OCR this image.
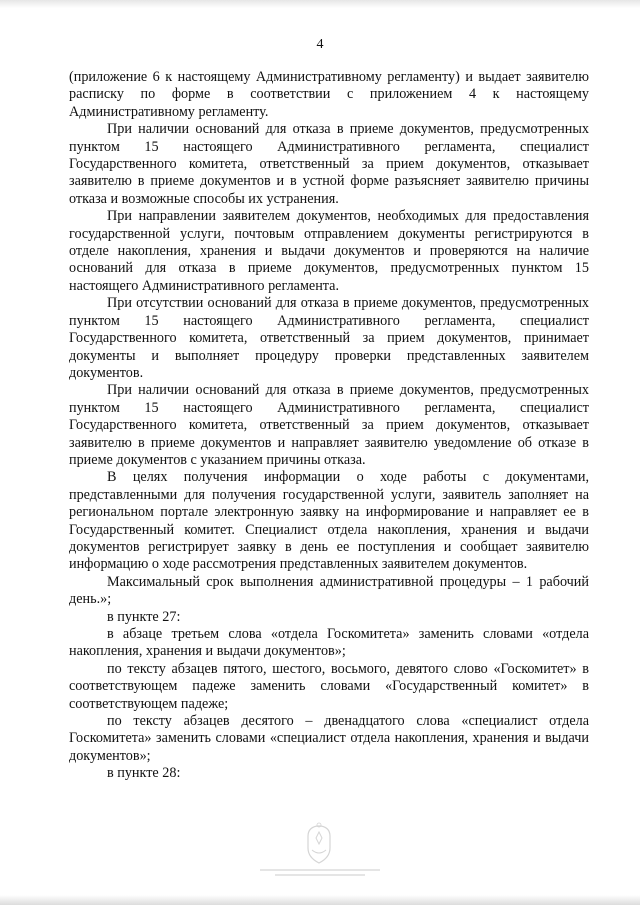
4

(приложение 6 к настоящему Административному регламенту) и выдает заявителю расписку по форме в соответствии с приложением 4 к настоящему Административному регламенту.

При наличии оснований для отказа в приеме документов, предусмотренных пунктом 15 настоящего Административного регламента, специалист Государственного комитета, ответственный за прием документов, отказывает заявителю в приеме документов и в устной форме разъясняет заявителю причины отказа и возможные способы их устранения.

При направлении заявителем документов, необходимых для предоставления государственной услуги, почтовым отправлением документы регистрируются в отделе накопления, хранения и выдачи документов и проверяются на наличие оснований для отказа в приеме документов, предусмотренных пунктом 15 настоящего Административного регламента.

При отсутствии оснований для отказа в приеме документов, предусмотренных пунктом 15 настоящего Административного регламента, специалист Государственного комитета, ответственный за прием документов, принимает документы и выполняет процедуру проверки представленных заявителем документов.

При наличии оснований для отказа в приеме документов, предусмотренных пунктом 15 настоящего Административного регламента, специалист Государственного комитета, ответственный за прием документов, отказывает заявителю в приеме документов и направляет заявителю уведомление об отказе в приеме документов с указанием причины отказа.

В целях получения информации о ходе работы с документами, представленными для получения государственной услуги, заявитель заполняет на региональном портале электронную заявку на информирование и направляет ее в Государственный комитет. Специалист отдела накопления, хранения и выдачи документов регистрирует заявку в день ее поступления и сообщает заявителю информацию о ходе рассмотрения представленных заявителем документов.

Максимальный срок выполнения административной процедуры – 1 рабочий день.»;

в пункте 27:

в абзаце третьем слова «отдела Госкомитета» заменить словами «отдела накопления, хранения и выдачи документов»;

по тексту абзацев пятого, шестого, восьмого, девятого слово «Госкомитет» в соответствующем падеже заменить словами «Государственный комитет» в соответствующем падеже;

по тексту абзацев десятого – двенадцатого слова «специалист отдела Госкомитета» заменить словами «специалист отдела накопления, хранения и выдачи документов»;

в пункте 28:
